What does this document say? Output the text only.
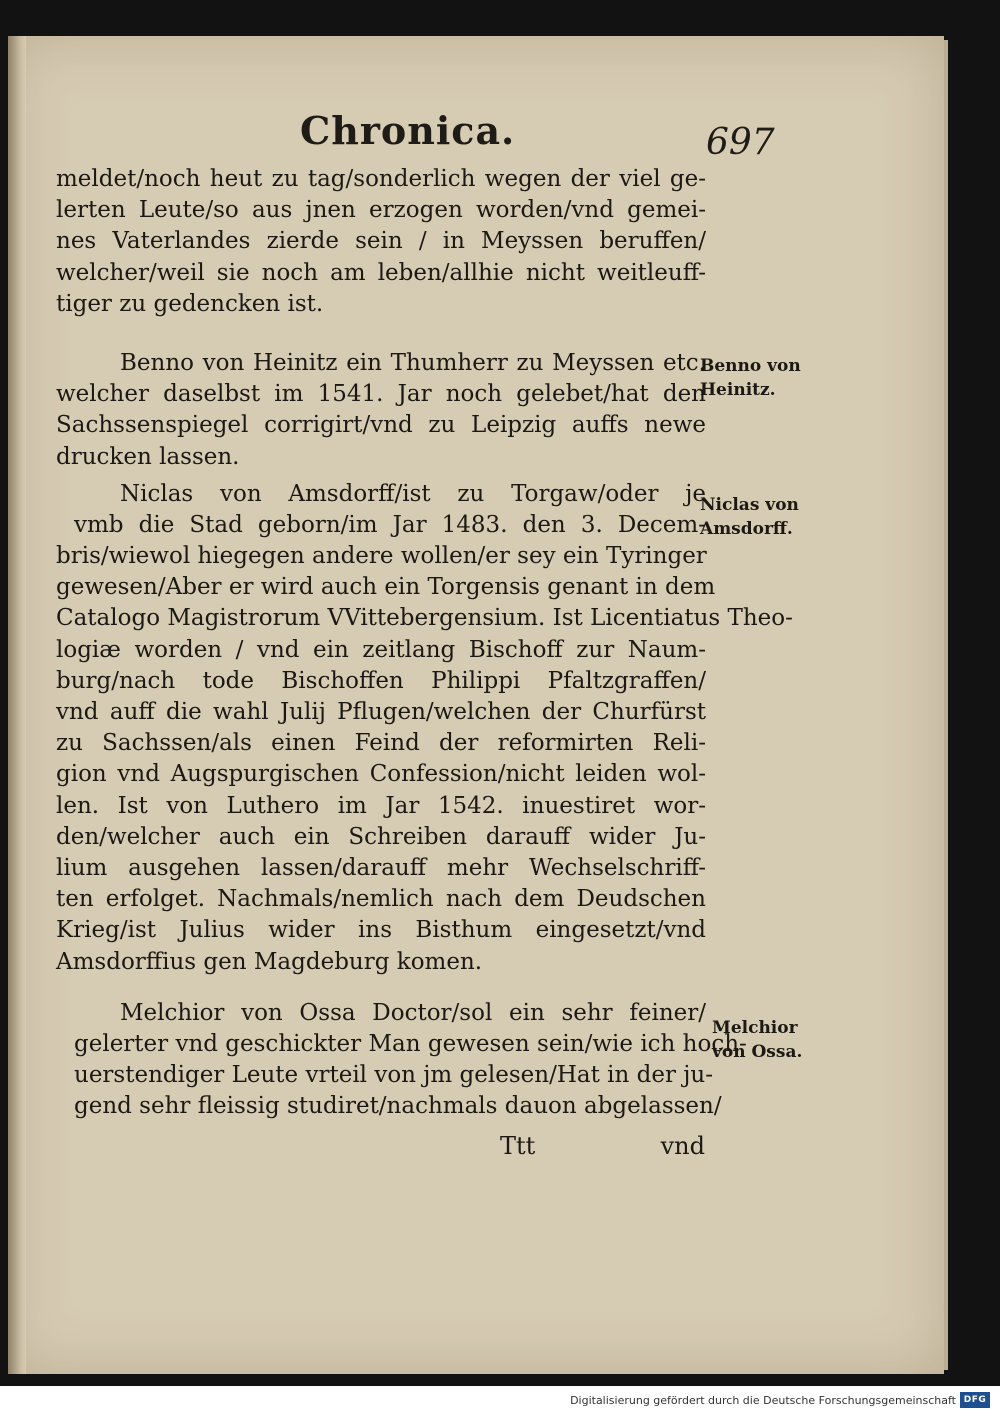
Chronica.	697
meldet/noch heut zu tag/sonderlich wegen der viel ge-
lerten Leute/so aus jnen erzogen worden/vnd gemei-
nes Vaterlandes zierde sein / in Meyssen beruffen/
welcher/weil sie noch am leben/allhie nicht weitleuff-
tiger zu gedencken ist.
Benno von Heinitz ein Thumherr zu Meyssen etc.
welcher daselbst im 1541. Jar noch gelebet/hat den
Sachssenspiegel corrigirt/vnd zu Leipzig auffs newe
drucken lassen.
Niclas von Amsdorff/ist zu Torgaw/oder je
vmb die Stad geborn/im Jar 1483. den 3. Decem-
bris/wiewol hiegegen andere wollen/er sey ein Tyringer
gewesen/Aber er wird auch ein Torgensis genant in dem
Catalogo Magistrorum VVittebergensium. Ist Licentiatus Theo-
logiæ worden / vnd ein zeitlang Bischoff zur Naum-
burg/nach tode Bischoffen Philippi Pfaltzgraffen/
vnd auff die wahl Julij Pflugen/welchen der Churfürst
zu Sachssen/als einen Feind der reformirten Reli-
gion vnd Augspurgischen Confession/nicht leiden wol-
len. Ist von Luthero im Jar 1542. inuestiret wor-
den/welcher auch ein Schreiben darauff wider Ju-
lium ausgehen lassen/darauff mehr Wechselschriff-
ten erfolget. Nachmals/nemlich nach dem Deudschen
Krieg/ist Julius wider ins Bisthum eingesetzt/vnd
Amsdorffius gen Magdeburg komen.
Melchior von Ossa Doctor/sol ein sehr feiner/
gelerter vnd geschickter Man gewesen sein/wie ich hoch-
uerstendiger Leute vrteil von jm gelesen/Hat in der ju-
gend sehr fleissig studiret/nachmals dauon abgelassen/
Benno von
Heinitz.
Niclas von
Amsdorff.
Melchior
von Ossa.
Ttt	vnd
Digitalisierung gefördert durch die Deutsche Forschungsgemeinschaft DFG
